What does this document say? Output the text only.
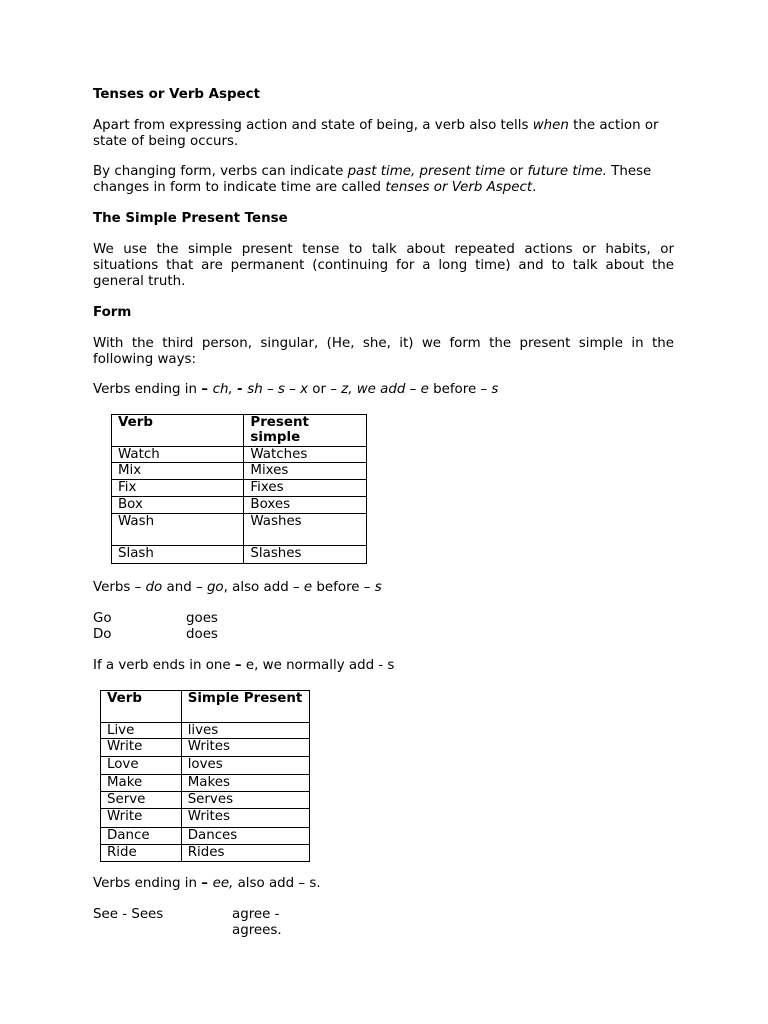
Tenses or Verb Aspect

Apart from expressing action and state of being, a verb also tells when the action or state of being occurs.

By changing form, verbs can indicate past time, present time or future time. These changes in form to indicate time are called tenses or Verb Aspect.

The Simple Present Tense

We use the simple present tense to talk about repeated actions or habits, or situations that are permanent (continuing for a long time) and to talk about the general truth.

Form

With the third person, singular, (He, she, it) we form the present simple in the following ways:

Verbs ending in – ch, - sh – s – x or – z, we add – e before – s

Verb	Present simple
Watch	Watches
Mix	Mixes
Fix	Fixes
Box	Boxes
Wash	Washes
Slash	Slashes

Verbs – do and – go, also add – e before – s

Go	goes
Do	does

If a verb ends in one – e, we normally add - s

Verb	Simple Present
Live	lives
Write	Writes
Love	loves
Make	Makes
Serve	Serves
Write	Writes
Dance	Dances
Ride	Rides

Verbs ending in – ee, also add – s.

See - Sees	agree - agrees.
